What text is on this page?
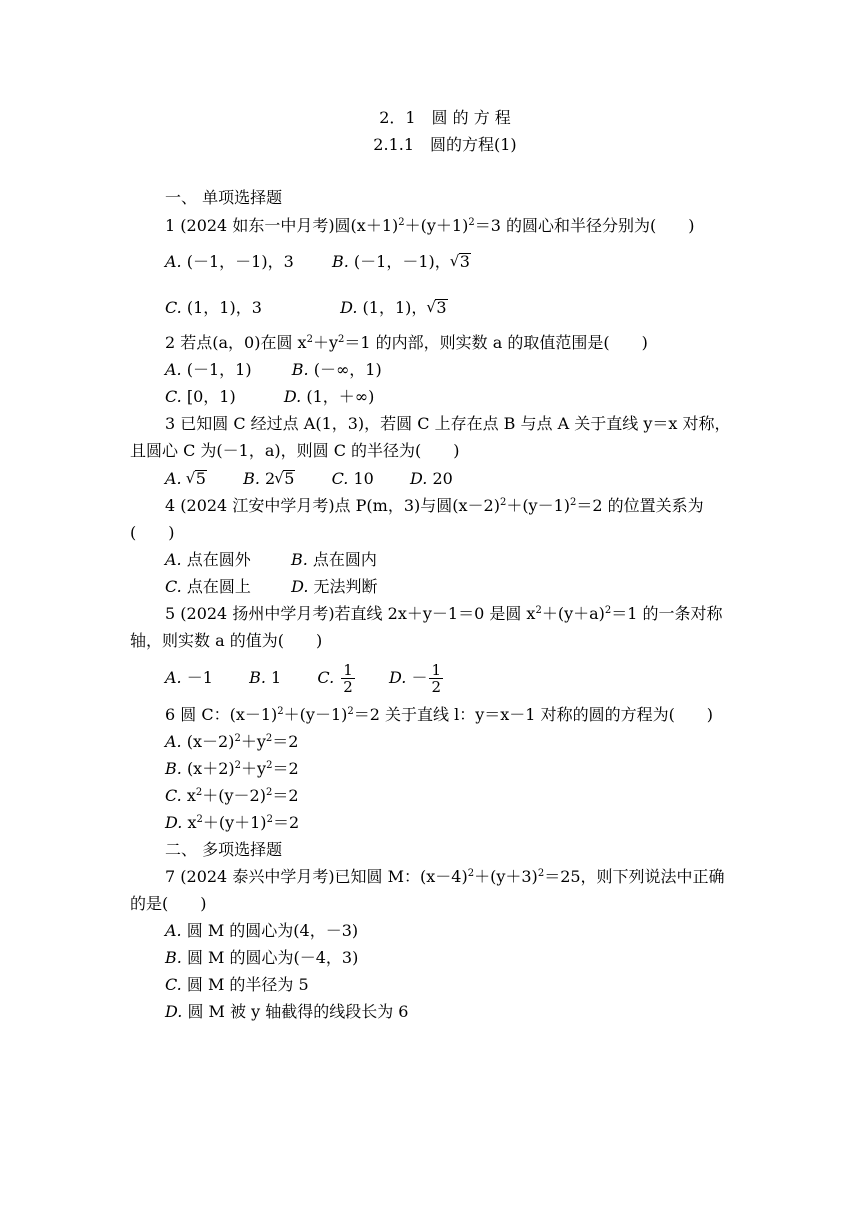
2．1　圆 的 方 程
2.1.1　圆的方程(1)
一、 单项选择题
1 (2024 如东一中月考)圆$(x+1)^2+(y+1)^2=3$ 的圆心和半径分别为(　　)
A. (－1，－1)，3 B. (－1，－1)， √ 3
C. (1，1)，3	D. (1，1)， √ 3
2 若点(a，0)在圆 $x^2+y^2=1$ 的内部，则实数 a 的取值范围是(　　)
A. (－1，1)	B. (－∞，1)
C. [0，1)	D. (1，＋∞)
3 已知圆 C 经过点 A(1，3)，若圆 C 上存在点 B 与点 A 关于直线 y＝x 对称，
且圆心 C 为(－1，a)，则圆 C 的半径为(　　)
A. √ 5 B. 2 √ 5 C. 10 D. 20
4 (2024 江安中学月考)点 P(m，3)与圆$(x-2)^2+(y-1)^2=2$ 的位置关系为
(　　)
A. 点在圆外	B. 点在圆内
C. 点在圆上	D. 无法判断
5 (2024 扬州中学月考)若直线 2x＋y－1＝0 是圆 $x^2+(y+a)^2=1$ 的一条对称
轴，则实数 a 的值为(　　)
A. －1 B. 1 C. $\frac{1}{2} D$. － $\frac{1}{2}$
6 圆 C：$(x-1)^2+(y-1)^2=2$ 关于直线 l：y＝x－1 对称的圆的方程为(　　)
A. $(x-2)^2+y^2=2$
B. $(x+2)^2+y^2=2$
C. $x^2+(y-2)^2=2$
D. $x^2+(y+1)^2=2$
二、 多项选择题
7 (2024 泰兴中学月考)已知圆 M：$(x-4)^2+(y+3)^2=25$，则下列说法中正确
的是(　　)
A. 圆 M 的圆心为(4，－3)
B. 圆 M 的圆心为(－4，3)
C. 圆 M 的半径为 5
D. 圆 M 被 y 轴截得的线段长为 6
